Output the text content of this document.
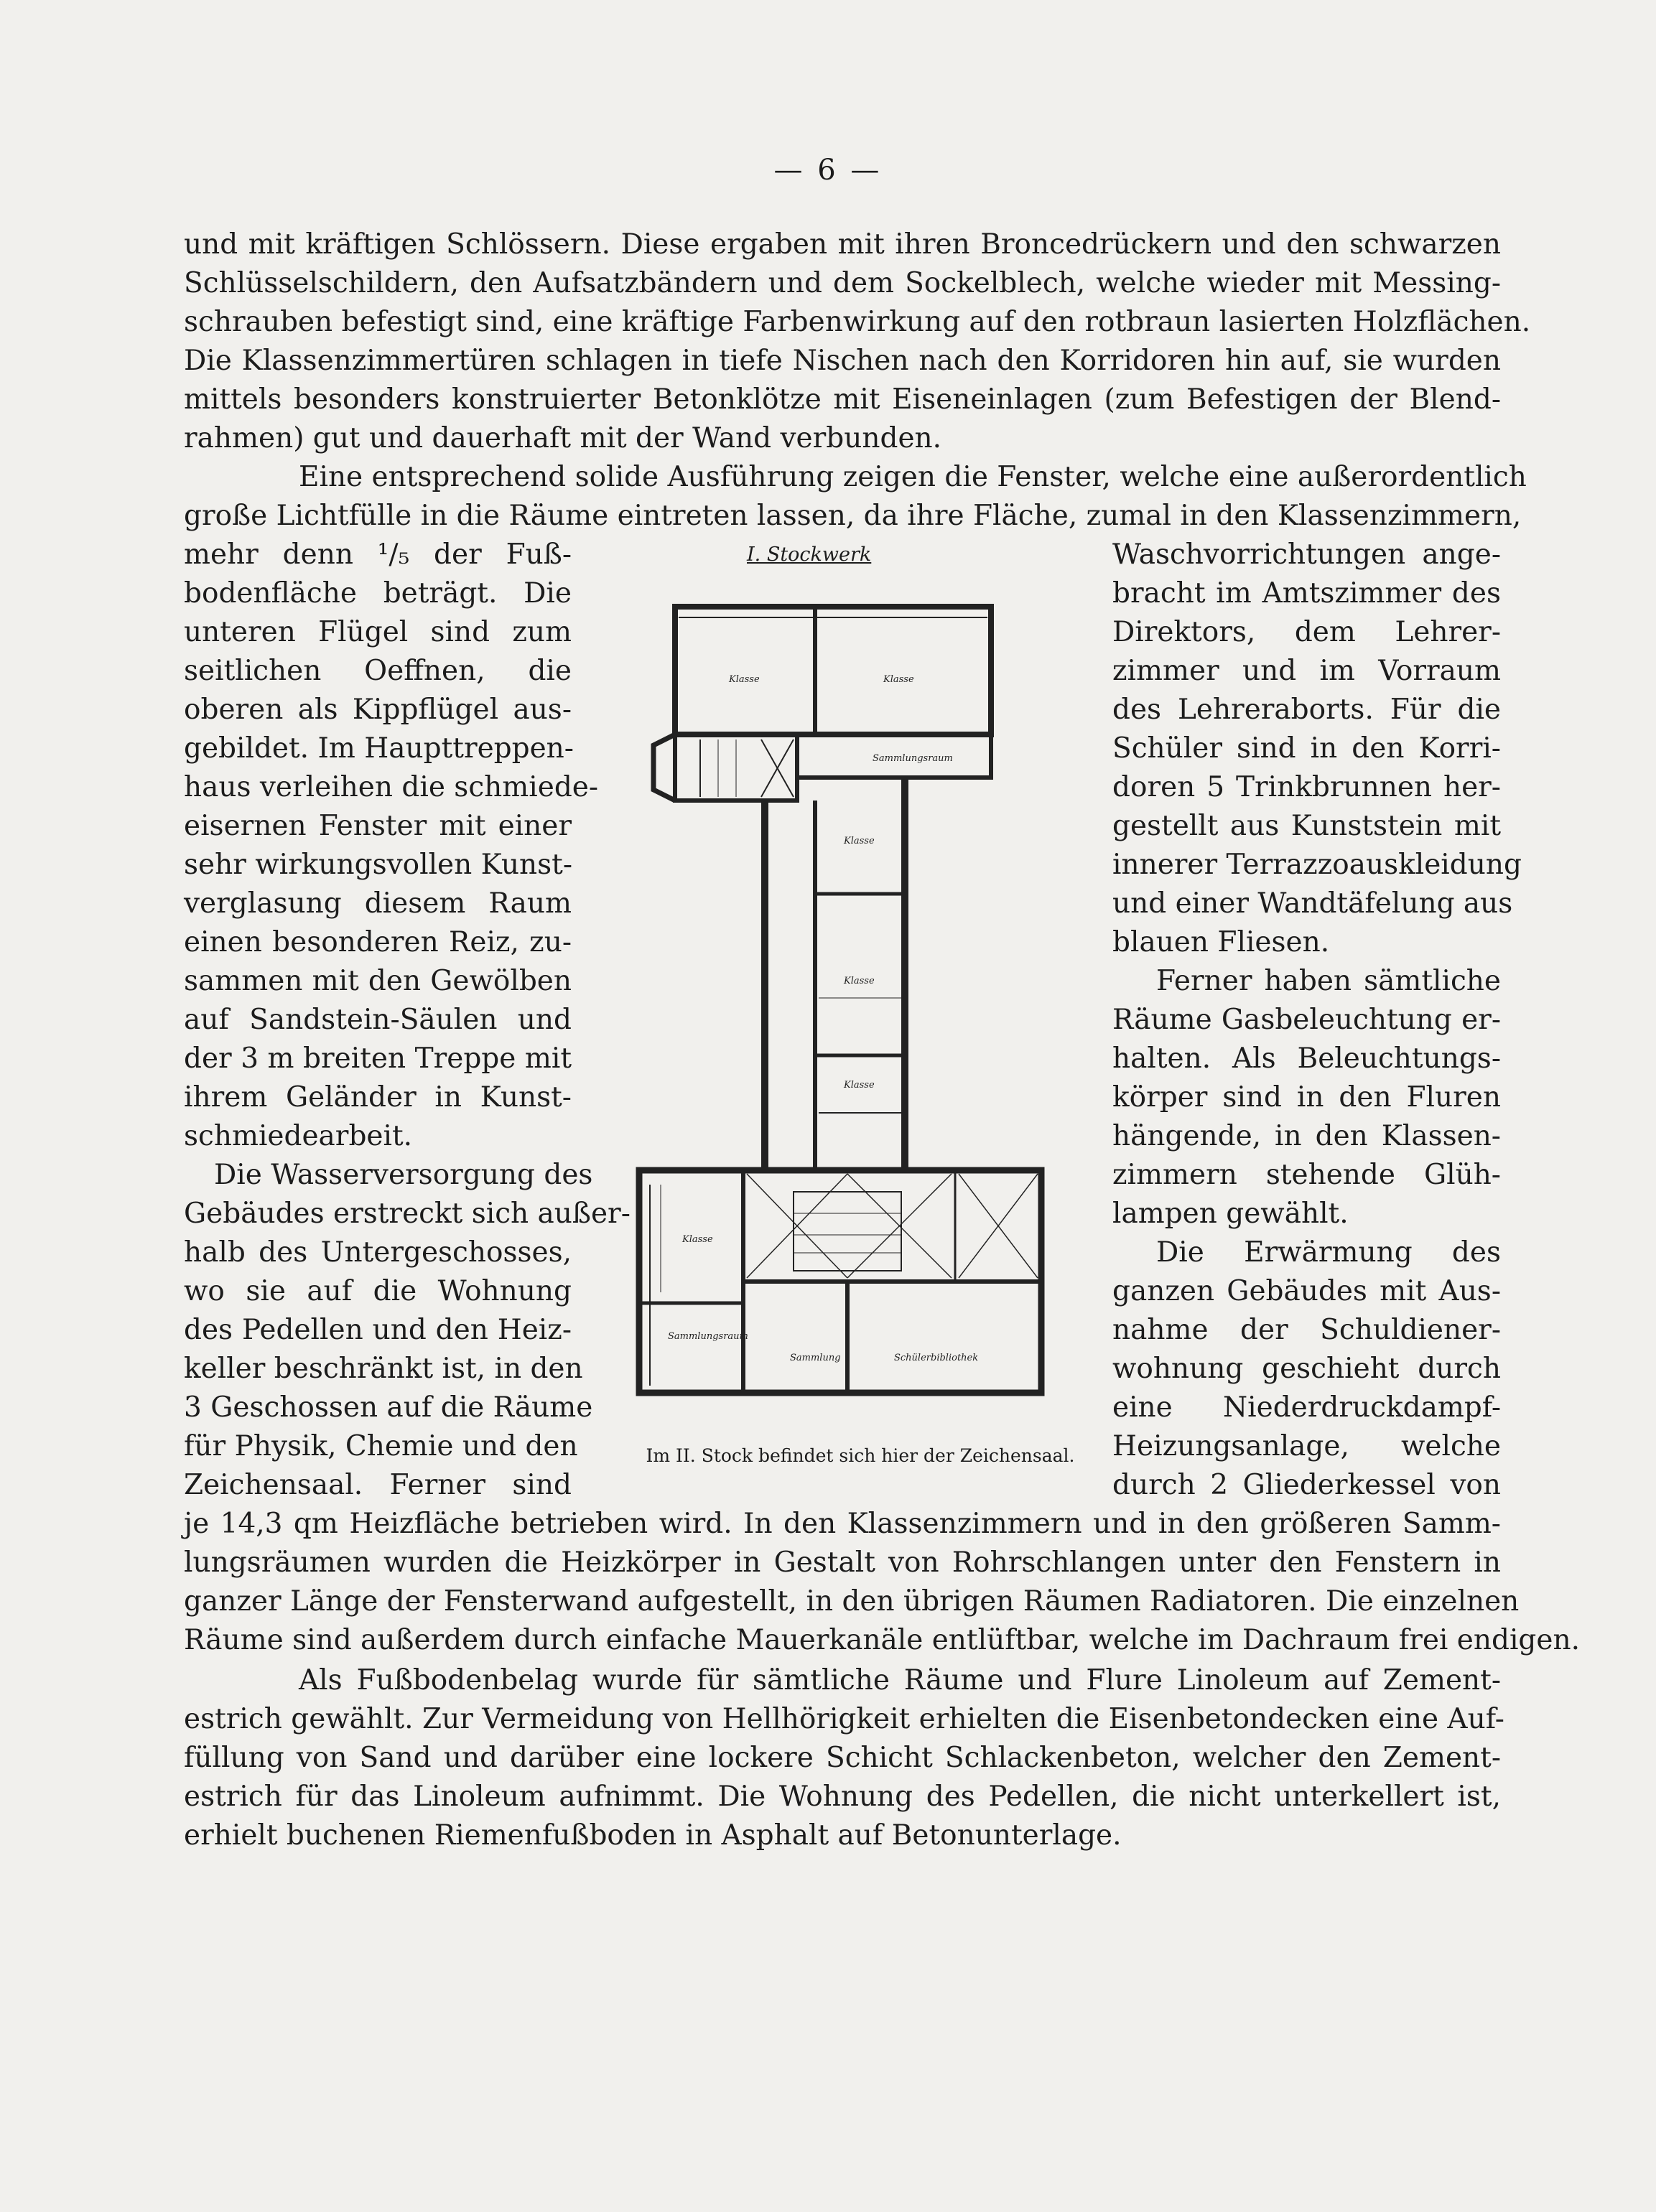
— 6 —
und mit kräftigen Schlössern. Diese ergaben mit ihren Broncedrückern und den schwarzen
Schlüsselschildern, den Aufsatzbändern und dem Sockelblech, welche wieder mit Messing-
schrauben befestigt sind, eine kräftige Farbenwirkung auf den rotbraun lasierten Holzflächen.
Die Klassenzimmertüren schlagen in tiefe Nischen nach den Korridoren hin auf, sie wurden
mittels besonders konstruierter Betonklötze mit Eiseneinlagen (zum Befestigen der Blend-
rahmen) gut und dauerhaft mit der Wand verbunden.
Eine entsprechend solide Ausführung zeigen die Fenster, welche eine außerordentlich
große Lichtfülle in die Räume eintreten lassen, da ihre Fläche, zumal in den Klassenzimmern,
mehr denn ¹/₅ der Fuß-
bodenfläche beträgt. Die
unteren Flügel sind zum
seitlichen Oeffnen, die
oberen als Kippflügel aus-
gebildet. Im Haupttreppen-
haus verleihen die schmiede-
eisernen Fenster mit einer
sehr wirkungsvollen Kunst-
verglasung diesem Raum
einen besonderen Reiz, zu-
sammen mit den Gewölben
auf Sandstein-Säulen und
der 3 m breiten Treppe mit
ihrem Geländer in Kunst-
schmiedearbeit.
Die Wasserversorgung des
Gebäudes erstreckt sich außer-
halb des Untergeschosses,
wo sie auf die Wohnung
des Pedellen und den Heiz-
keller beschränkt ist, in den
3 Geschossen auf die Räume
für Physik, Chemie und den
Zeichensaal. Ferner sind
Waschvorrichtungen ange-
bracht im Amtszimmer des
Direktors, dem Lehrer-
zimmer und im Vorraum
des Lehreraborts. Für die
Schüler sind in den Korri-
doren 5 Trinkbrunnen her-
gestellt aus Kunststein mit
innerer Terrazzoauskleidung
und einer Wandtäfelung aus
blauen Fliesen.
Ferner haben sämtliche
Räume Gasbeleuchtung er-
halten. Als Beleuchtungs-
körper sind in den Fluren
hängende, in den Klassen-
zimmern stehende Glüh-
lampen gewählt.
Die Erwärmung des
ganzen Gebäudes mit Aus-
nahme der Schuldiener-
wohnung geschieht durch
eine Niederdruckdampf-
Heizungsanlage, welche
durch 2 Gliederkessel von
I. Stockwerk
Klasse	Klasse
Sammlungsraum
Klasse
Klasse
Klasse
Klasse
Sammlungsraum
Sammlung	Schülerbibliothek
Im II. Stock befindet sich hier der Zeichensaal.
je 14,3 qm Heizfläche betrieben wird. In den Klassenzimmern und in den größeren Samm-
lungsräumen wurden die Heizkörper in Gestalt von Rohrschlangen unter den Fenstern in
ganzer Länge der Fensterwand aufgestellt, in den übrigen Räumen Radiatoren. Die einzelnen
Räume sind außerdem durch einfache Mauerkanäle entlüftbar, welche im Dachraum frei endigen.
Als Fußbodenbelag wurde für sämtliche Räume und Flure Linoleum auf Zement-
estrich gewählt. Zur Vermeidung von Hellhörigkeit erhielten die Eisenbetondecken eine Auf-
füllung von Sand und darüber eine lockere Schicht Schlackenbeton, welcher den Zement-
estrich für das Linoleum aufnimmt. Die Wohnung des Pedellen, die nicht unterkellert ist,
erhielt buchenen Riemenfußboden in Asphalt auf Betonunterlage.
